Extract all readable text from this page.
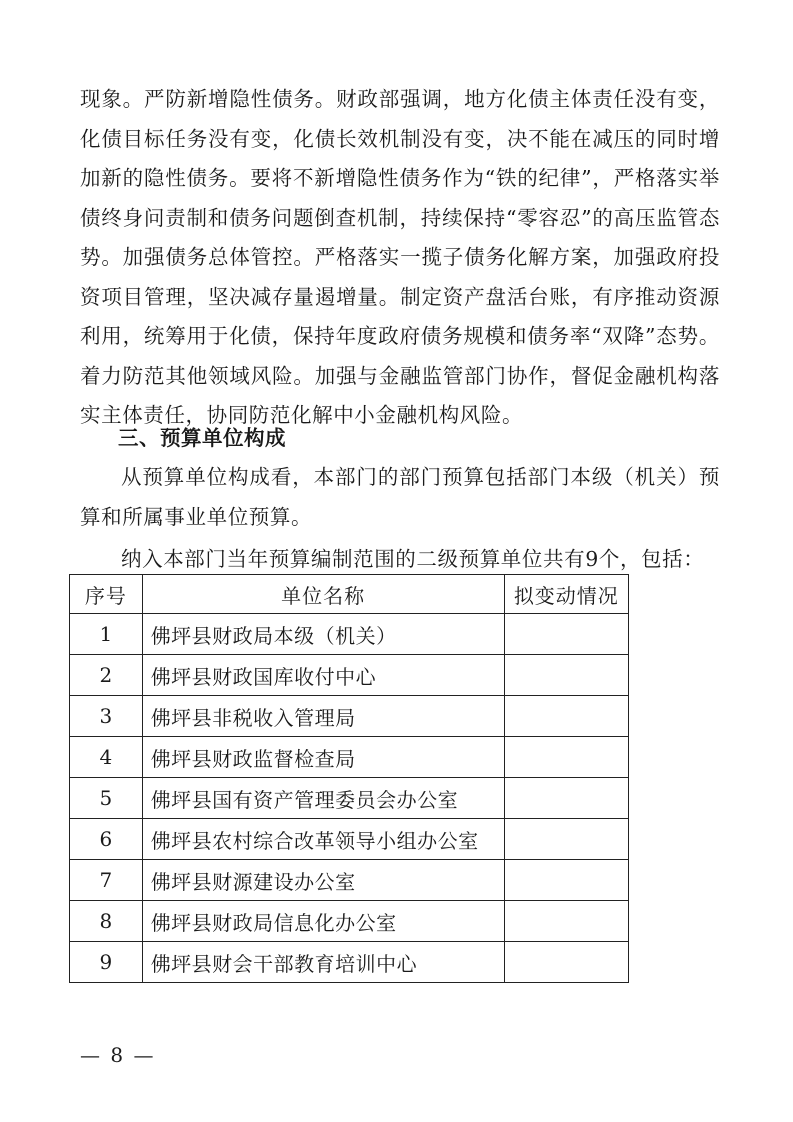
现象。严防新增隐性债务。财政部强调，地方化债主体责任没有变，化债目标任务没有变，化债长效机制没有变，决不能在减压的同时增加新的隐性债务。要将不新增隐性债务作为“铁的纪律”，严格落实举债终身问责制和债务问题倒查机制，持续保持“零容忍”的高压监管态势。加强债务总体管控。严格落实一揽子债务化解方案，加强政府投资项目管理，坚决减存量遏增量。制定资产盘活台账，有序推动资源利用，统筹用于化债，保持年度政府债务规模和债务率“双降”态势。着力防范其他领域风险。加强与金融监管部门协作，督促金融机构落实主体责任，协同防范化解中小金融机构风险。

三、预算单位构成

从预算单位构成看，本部门的部门预算包括部门本级（机关）预算和所属事业单位预算。

纳入本部门当年预算编制范围的二级预算单位共有9个，包括：

序号	单位名称	拟变动情况
1	佛坪县财政局本级（机关）	
2	佛坪县财政国库收付中心	
3	佛坪县非税收入管理局	
4	佛坪县财政监督检查局	
5	佛坪县国有资产管理委员会办公室	
6	佛坪县农村综合改革领导小组办公室	
7	佛坪县财源建设办公室	
8	佛坪县财政局信息化办公室	
9	佛坪县财会干部教育培训中心	
— 8 —
